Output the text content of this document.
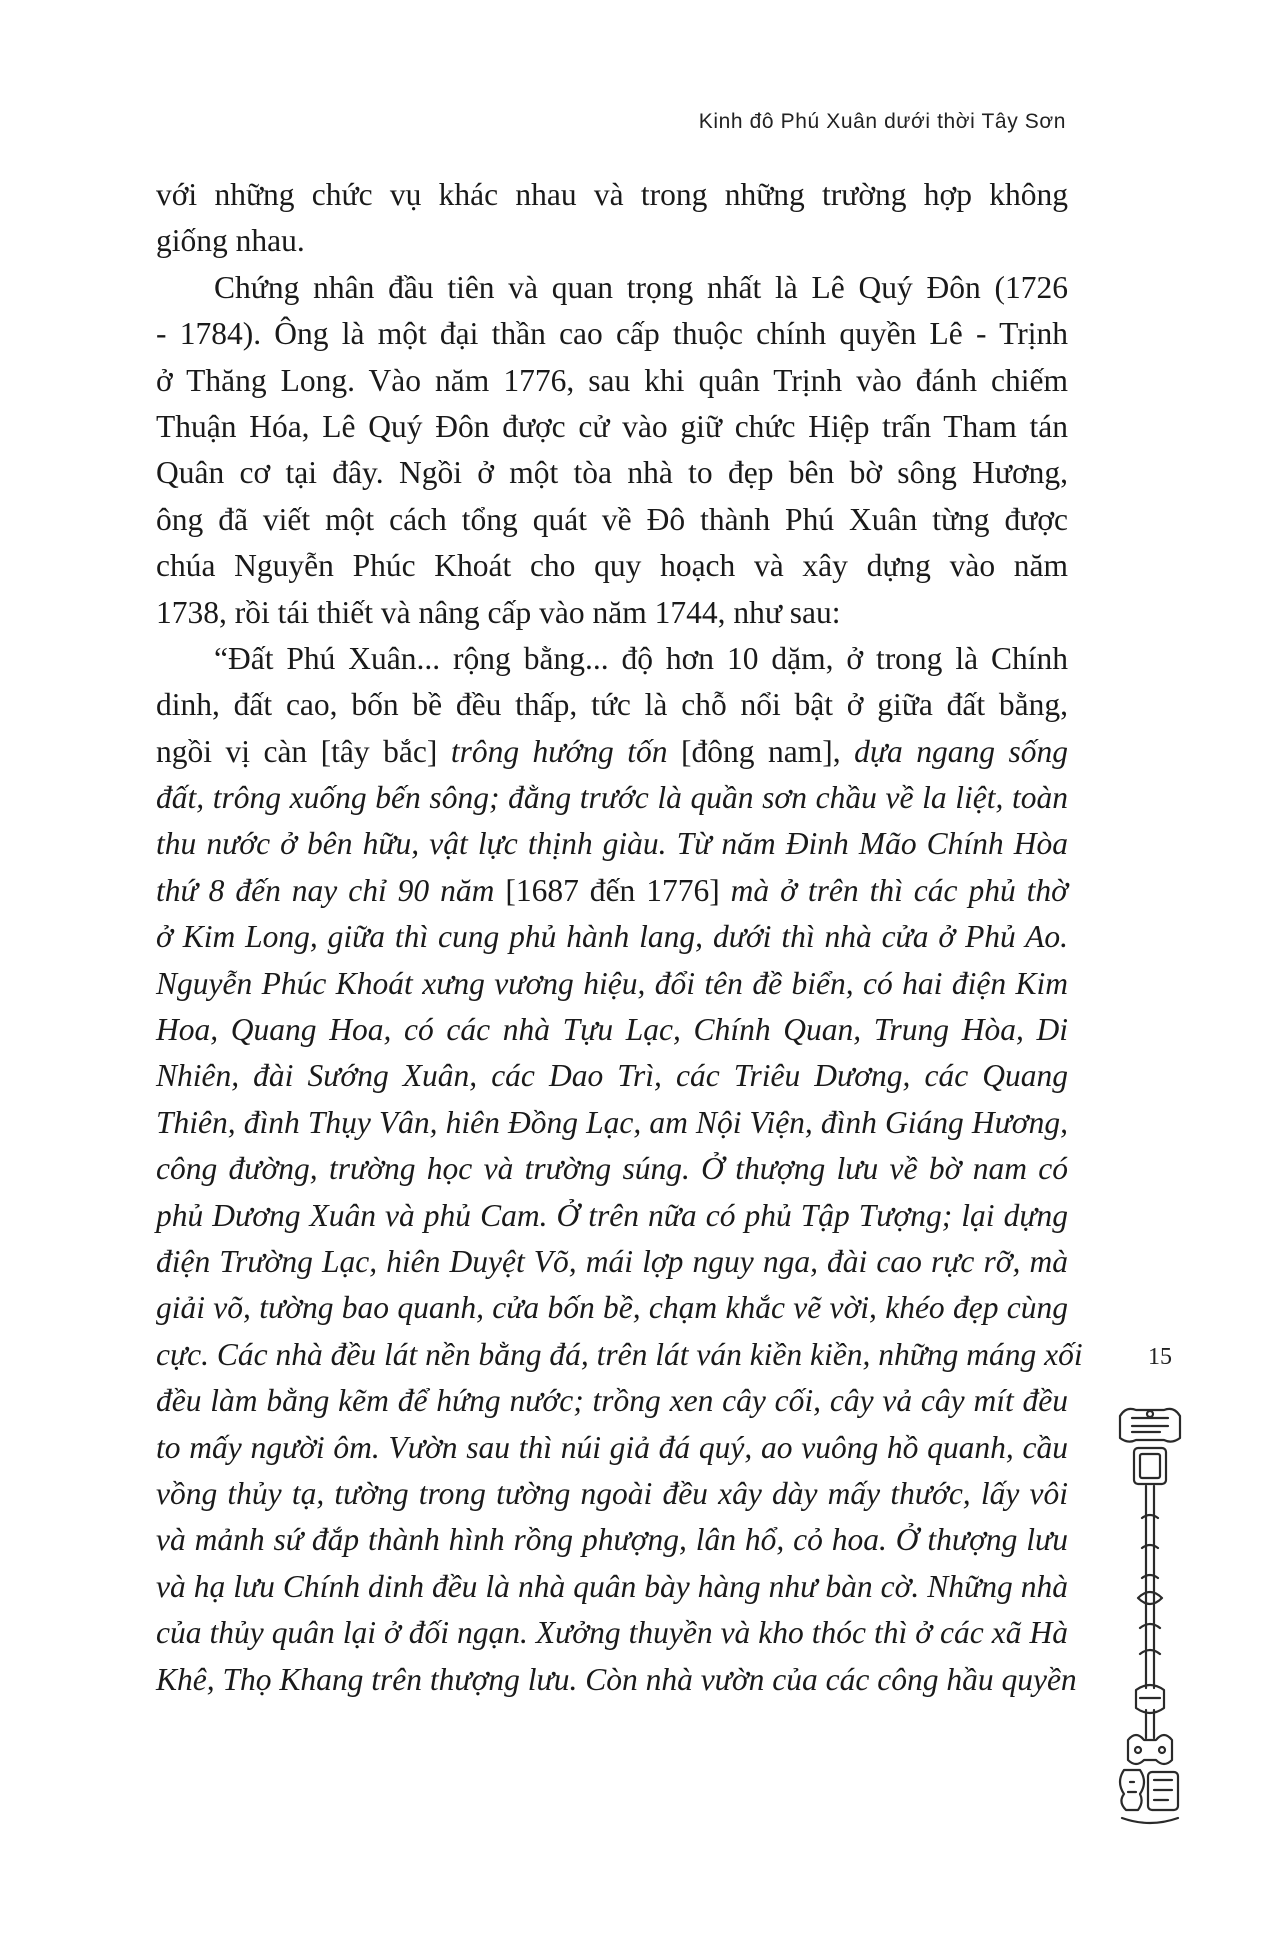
Kinh đô Phú Xuân dưới thời Tây Sơn
với những chức vụ khác nhau và trong những trường hợp không
giống nhau.
Chứng nhân đầu tiên và quan trọng nhất là Lê Quý Đôn (1726
- 1784). Ông là một đại thần cao cấp thuộc chính quyền Lê - Trịnh
ở Thăng Long. Vào năm 1776, sau khi quân Trịnh vào đánh chiếm
Thuận Hóa, Lê Quý Đôn được cử vào giữ chức Hiệp trấn Tham tán
Quân cơ tại đây. Ngồi ở một tòa nhà to đẹp bên bờ sông Hương,
ông đã viết một cách tổng quát về Đô thành Phú Xuân từng được
chúa Nguyễn Phúc Khoát cho quy hoạch và xây dựng vào năm
1738, rồi tái thiết và nâng cấp vào năm 1744, như sau:
“Đất Phú Xuân... rộng bằng... độ hơn 10 dặm, ở trong là Chính
dinh, đất cao, bốn bề đều thấp, tức là chỗ nổi bật ở giữa đất bằng,
ngồi vị càn [tây bắc] trông hướng tốn [đông nam], dựa ngang sống
đất, trông xuống bến sông; đằng trước là quần sơn chầu về la liệt, toàn
thu nước ở bên hữu, vật lực thịnh giàu. Từ năm Đinh Mão Chính Hòa
thứ 8 đến nay chỉ 90 năm [1687 đến 1776] mà ở trên thì các phủ thờ
ở Kim Long, giữa thì cung phủ hành lang, dưới thì nhà cửa ở Phủ Ao.
Nguyễn Phúc Khoát xưng vương hiệu, đổi tên đề biển, có hai điện Kim
Hoa, Quang Hoa, có các nhà Tựu Lạc, Chính Quan, Trung Hòa, Di
Nhiên, đài Sướng Xuân, các Dao Trì, các Triêu Dương, các Quang
Thiên, đình Thụy Vân, hiên Đồng Lạc, am Nội Viện, đình Giáng Hương,
công đường, trường học và trường súng. Ở thượng lưu về bờ nam có
phủ Dương Xuân và phủ Cam. Ở trên nữa có phủ Tập Tượng; lại dựng
điện Trường Lạc, hiên Duyệt Võ, mái lợp nguy nga, đài cao rực rỡ, mà
giải võ, tường bao quanh, cửa bốn bề, chạm khắc vẽ vời, khéo đẹp cùng
cực. Các nhà đều lát nền bằng đá, trên lát ván kiền kiền, những máng xối
đều làm bằng kẽm để hứng nước; trồng xen cây cối, cây vả cây mít đều
to mấy người ôm. Vườn sau thì núi giả đá quý, ao vuông hồ quanh, cầu
vồng thủy tạ, tường trong tường ngoài đều xây dày mấy thước, lấy vôi
và mảnh sứ đắp thành hình rồng phượng, lân hổ, cỏ hoa. Ở thượng lưu
và hạ lưu Chính dinh đều là nhà quân bày hàng như bàn cờ. Những nhà
của thủy quân lại ở đối ngạn. Xưởng thuyền và kho thóc thì ở các xã Hà
Khê, Thọ Khang trên thượng lưu. Còn nhà vườn của các công hầu quyền
15
